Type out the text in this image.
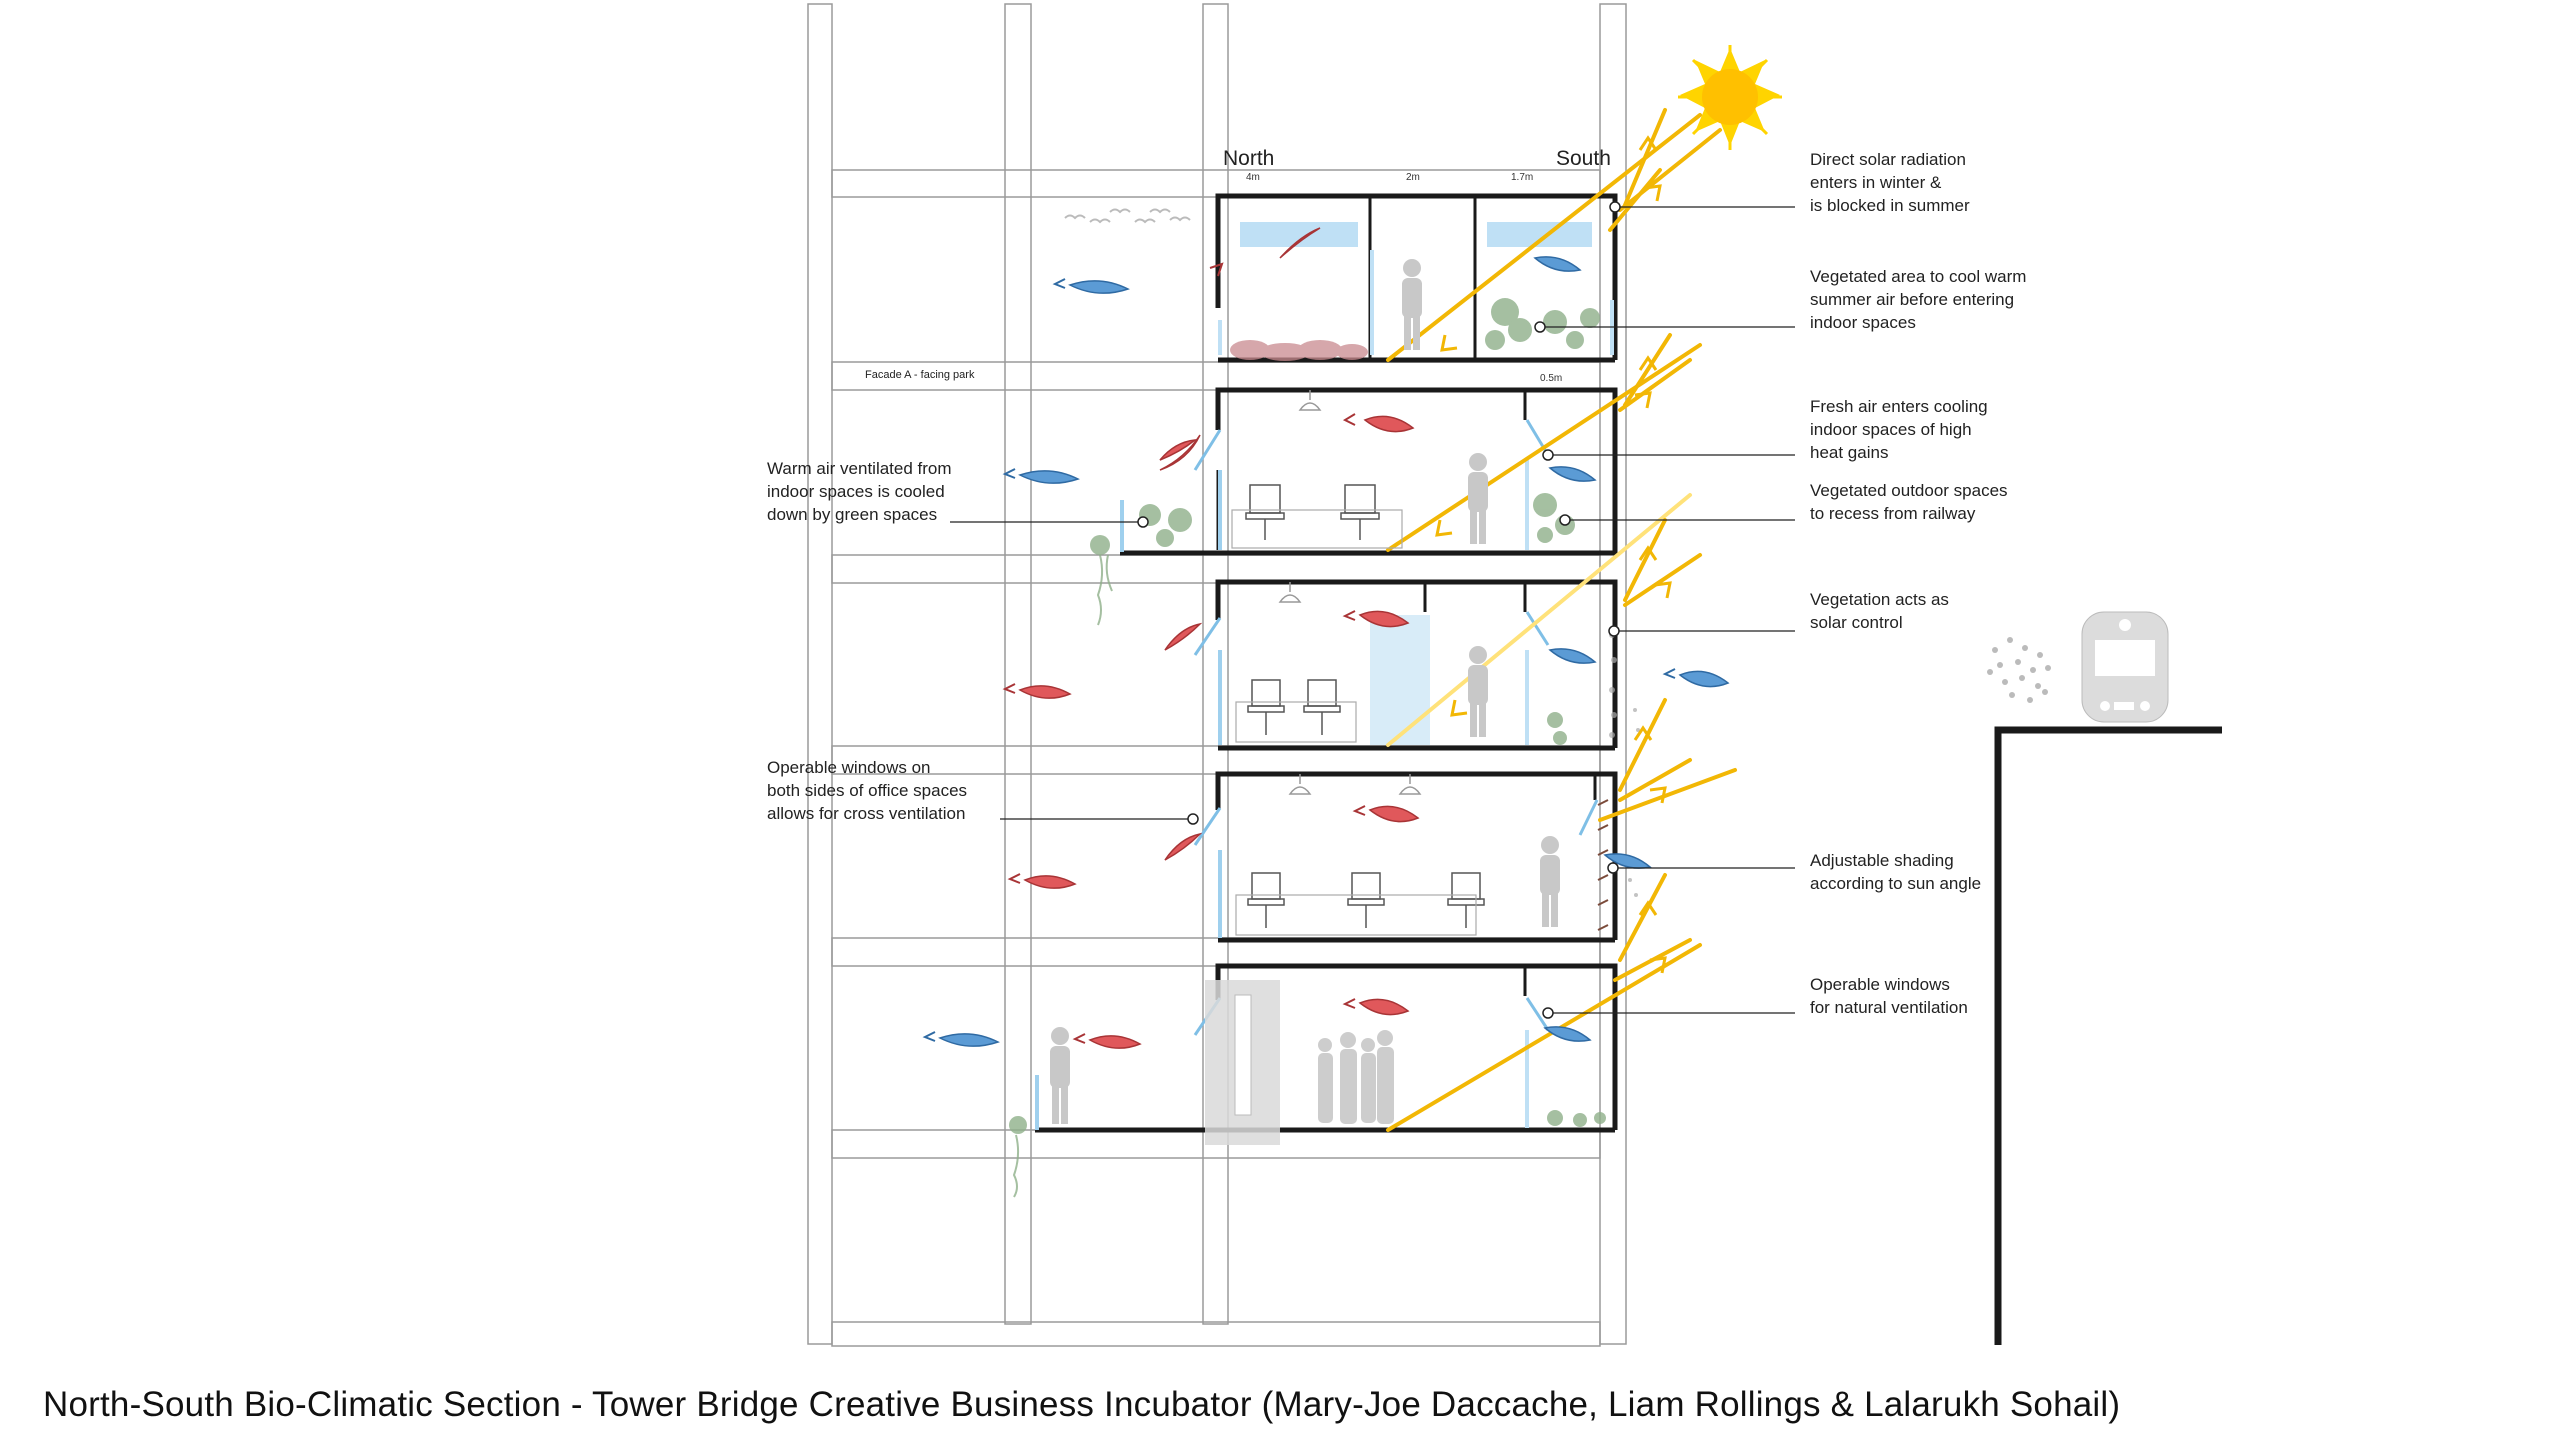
North	South
4m	2m	1.7m
0.5m
Facade A - facing park
Direct solar radiation
enters in winter &
is blocked in summer
Vegetated area to cool warm
summer air before entering
indoor spaces
Fresh air enters cooling
indoor spaces of high
heat gains
Vegetated outdoor spaces
to recess from railway
Vegetation acts as
solar control
Adjustable shading
according to sun angle
Operable windows
for natural ventilation
Warm air ventilated from
indoor spaces is cooled
down by green spaces
Operable windows on
both sides of office spaces
allows for cross ventilation
North-South Bio-Climatic Section - Tower Bridge Creative Business Incubator (Mary-Joe Daccache, Liam Rollings & Lalarukh Sohail)
